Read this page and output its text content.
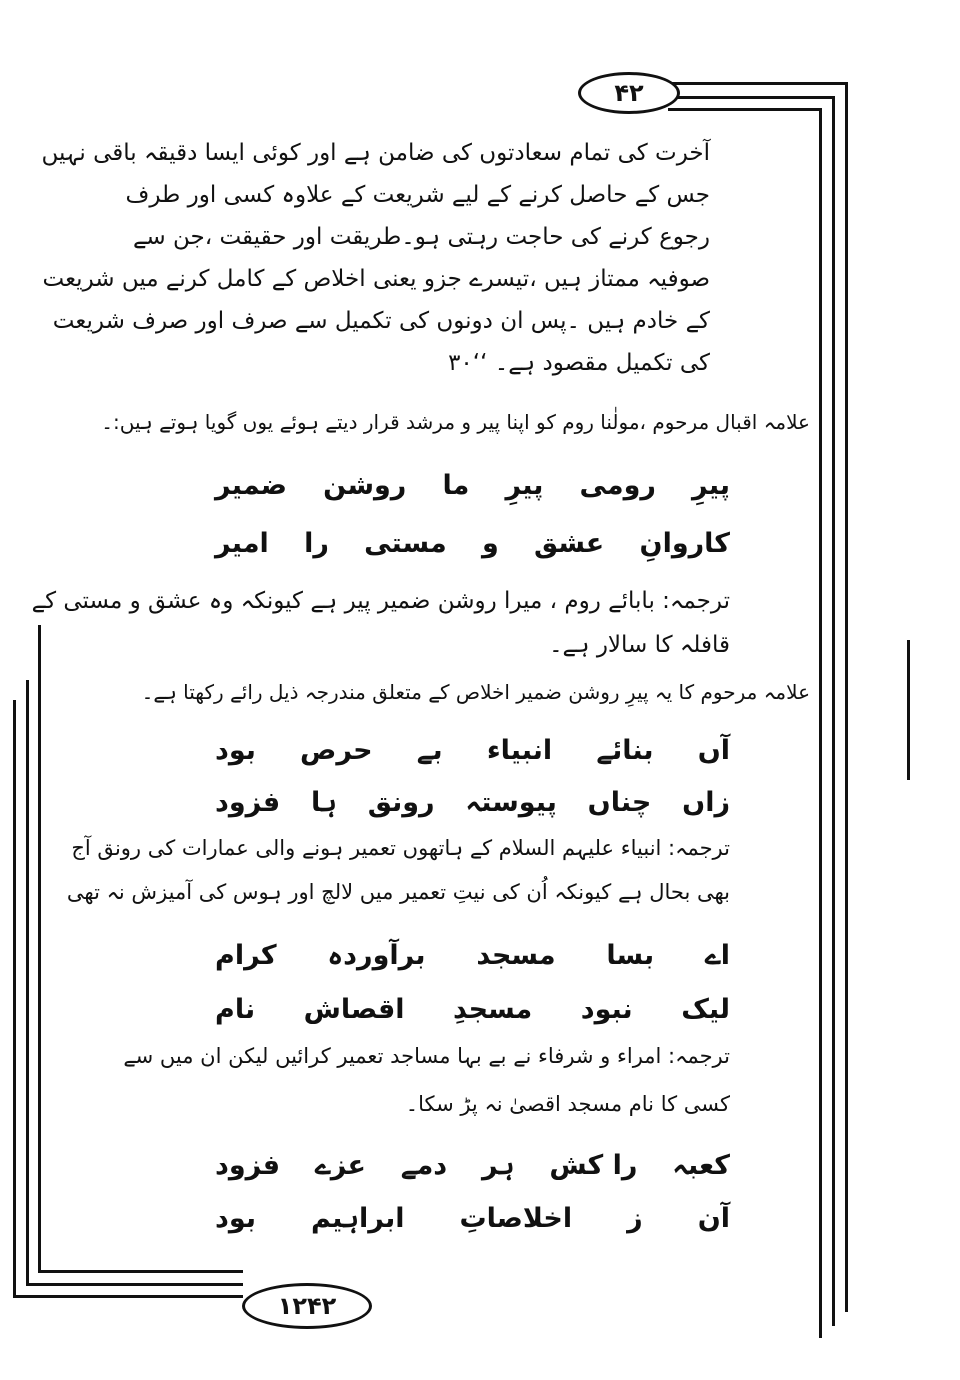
۴۲
۱۲۴۲
آخرت کی تمام سعادتوں کی ضامن ہے اور کوئی ایسا دقیقہ باقی نہیں
جس کے حاصل کرنے کے لیے شریعت کے علاوہ کسی اور طرف
رجوع کرنے کی حاجت رہتی ہو۔طریقت اور حقیقت ،جن سے
صوفیہ ممتاز ہیں ،تیسرے جزو یعنی اخلاص کے کامل کرنے میں شریعت
کے خادم ہیں ۔پس ان دونوں کی تکمیل سے صرف اور صرف شریعت
کی تکمیل مقصود ہے۔ ‘‘۳۰
علامہ اقبال مرحوم ،مولٰنا روم کو اپنا پیر و مرشد قرار دیتے ہوئے یوں گویا ہوتے ہیں:۔
پیرِ
رومی
پیرِ
ما
روشن
ضمیر
کاروانِ
عشق
و
مستی
را
امیر
ترجمہ: بابائے روم ، میرا روشن ضمیر پیر ہے کیونکہ وہ عشق و مستی کے
قافلہ کا سالار ہے۔
علامہ مرحوم کا یہ پیرِ روشن ضمیر اخلاص کے متعلق مندرجہ ذیل رائے رکھتا ہے۔
آں
بنائے
انبیاء
بے
حرص
بود
زاں
چناں
پیوستہ
رونق
ہا
فزود
ترجمہ: انبیاء علیہم السلام کے ہاتھوں تعمیر ہونے والی عمارات کی رونق آج
بھی بحال ہے کیونکہ اُن کی نیتِ تعمیر میں لالچ اور ہوس کی آمیزش نہ تھی
اے
بسا
مسجد
برآوردہ
کرام
لیک
نبود
مسجدِ
اقصاش
نام
ترجمہ: امراء و شرفاء نے بے بہا مساجد تعمیر کرائیں لیکن ان میں سے
کسی کا نام مسجد اقصیٰ نہ پڑ سکا۔
کعبہ
را کش
ہر
دمے
عزے
فزود
آن
ز
اخلاصاتِ
ابراہیم
بود
